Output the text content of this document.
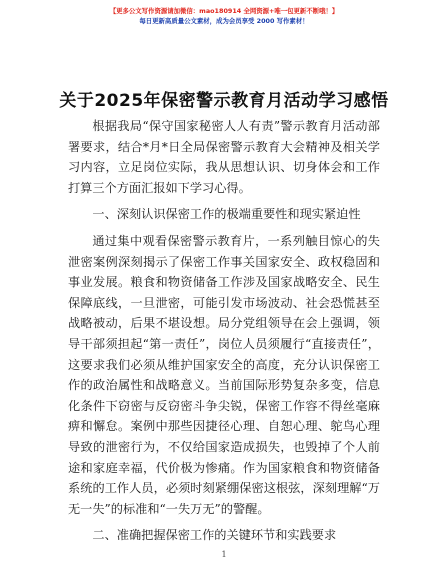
【更多公文写作资源请加微信：mao180914 全网资源+唯一包更新不断哦！】
每日更新高质量公文素材，成为会员享受 2000 写作素材！
关于2025年保密警示教育月活动学习感悟

根据我局“保守国家秘密人人有责”警示教育月活动部署要求，结合*月*日全局保密警示教育大会精神及相关学习内容，立足岗位实际，我从思想认识、切身体会和工作打算三个方面汇报如下学习心得。

一、深刻认识保密工作的极端重要性和现实紧迫性

通过集中观看保密警示教育片，一系列触目惊心的失泄密案例深刻揭示了保密工作事关国家安全、政权稳固和事业发展。粮食和物资储备工作涉及国家战略安全、民生保障底线，一旦泄密，可能引发市场波动、社会恐慌甚至战略被动，后果不堪设想。局分党组领导在会上强调，领导干部须担起“第一责任”，岗位人员须履行“直接责任”，这要求我们必须从维护国家安全的高度，充分认识保密工作的政治属性和战略意义。当前国际形势复杂多变，信息化条件下窃密与反窃密斗争尖锐，保密工作容不得丝毫麻痹和懈怠。案例中那些因捷径心理、自恕心理、鸵鸟心理导致的泄密行为，不仅给国家造成损失，也毁掉了个人前途和家庭幸福，代价极为惨痛。作为国家粮食和物资储备系统的工作人员，必须时刻紧绷保密这根弦，深刻理解“万无一失”的标准和“一失万无”的警醒。

二、准确把握保密工作的关键环节和实践要求
1
